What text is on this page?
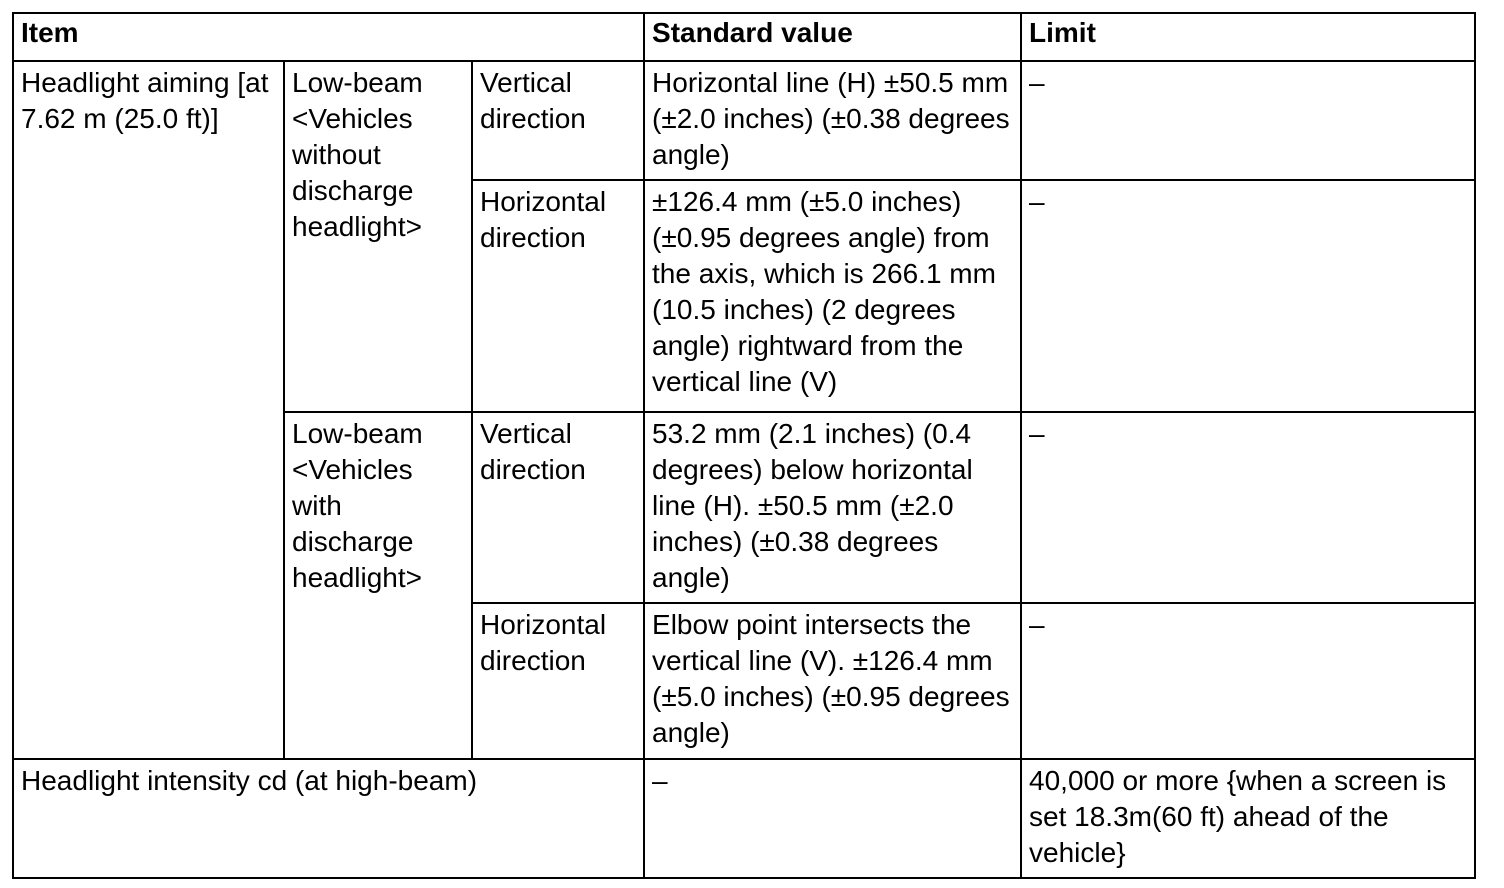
Item			Standard value	Limit
Headlight aiming [at 7.62 m (25.0 ft)]	Low-beam <Vehicles without discharge headlight>	Vertical direction	Horizontal line (H) ±50.5 mm (±2.0 inches) (±0.38 degrees angle)	–
		Horizontal direction	±126.4 mm (±5.0 inches) (±0.95 degrees angle) from the axis, which is 266.1 mm (10.5 inches) (2 degrees angle) rightward from the vertical line (V)	–
	Low-beam <Vehicles with discharge headlight>	Vertical direction	53.2 mm (2.1 inches) (0.4 degrees) below horizontal line (H). ±50.5 mm (±2.0 inches) (±0.38 degrees angle)	–
		Horizontal direction	Elbow point intersects the vertical line (V). ±126.4 mm (±5.0 inches) (±0.95 degrees angle)	–
Headlight intensity cd (at high-beam)			–	40,000 or more {when a screen is set 18.3m(60 ft) ahead of the vehicle}
